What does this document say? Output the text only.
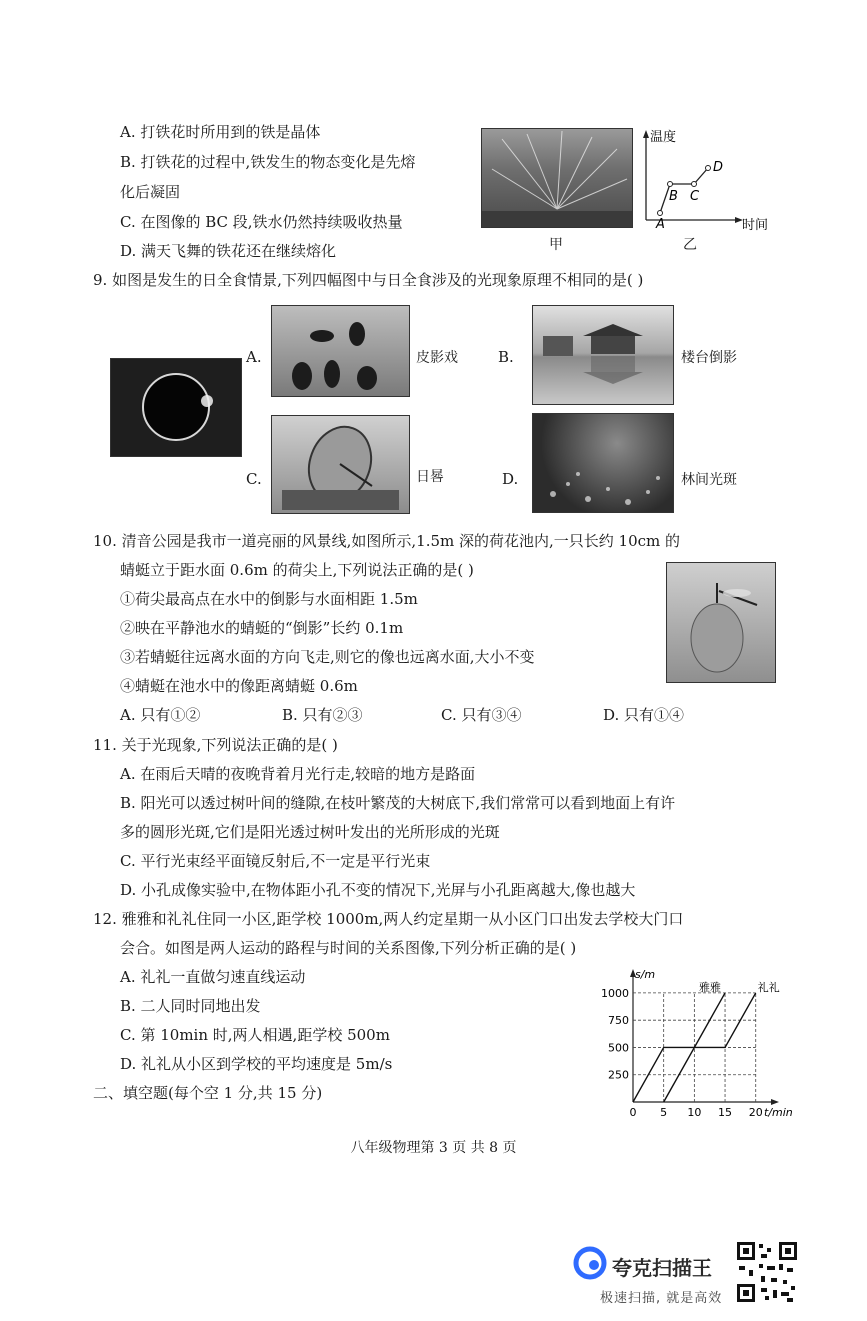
A. 打铁花时所用到的铁是晶体
B. 打铁花的过程中,铁发生的物态变化是先熔
化后凝固
C. 在图像的 BC 段,铁水仍然持续吸收热量
D. 满天飞舞的铁花还在继续熔化	甲
A
B C
D
温度
时间
乙
9. 如图是发生的日全食情景,下列四幅图中与日全食涉及的光现象原理不相同的是( )
A.	皮影戏	B.	楼台倒影
C.	日晷	D.	林间光斑
10. 清音公园是我市一道亮丽的风景线,如图所示,1.5m 深的荷花池内,一只长约 10cm 的
蜻蜓立于距水面 0.6m 的荷尖上,下列说法正确的是( )
①荷尖最高点在水中的倒影与水面相距 1.5m
②映在平静池水的蜻蜓的“倒影”长约 0.1m
③若蜻蜓往远离水面的方向飞走,则它的像也远离水面,大小不变
④蜻蜓在池水中的像距离蜻蜓 0.6m
A. 只有①②	B. 只有②③	C. 只有③④	D. 只有①④
11. 关于光现象,下列说法正确的是( )
A. 在雨后天晴的夜晚背着月光行走,较暗的地方是路面
B. 阳光可以透过树叶间的缝隙,在枝叶繁茂的大树底下,我们常常可以看到地面上有许
多的圆形光斑,它们是阳光透过树叶发出的光所形成的光斑
C. 平行光束经平面镜反射后,不一定是平行光束
D. 小孔成像实验中,在物体距小孔不变的情况下,光屏与小孔距离越大,像也越大
12. 雅雅和礼礼住同一小区,距学校 1000m,两人约定星期一从小区门口出发去学校大门口
会合。如图是两人运动的路程与时间的关系图像,下列分析正确的是( )
A. 礼礼一直做匀速直线运动
B. 二人同时同地出发
C. 第 10min 时,两人相遇,距学校 500m
D. 礼礼从小区到学校的平均速度是 5m/s
二、填空题(每个空 1 分,共 15 分)
s/m
t/min
雅雅	礼礼
250
500
750
1000
0 5 10 15 20
八年级物理第 3 页 共 8 页
夸克扫描王
极速扫描, 就是高效
